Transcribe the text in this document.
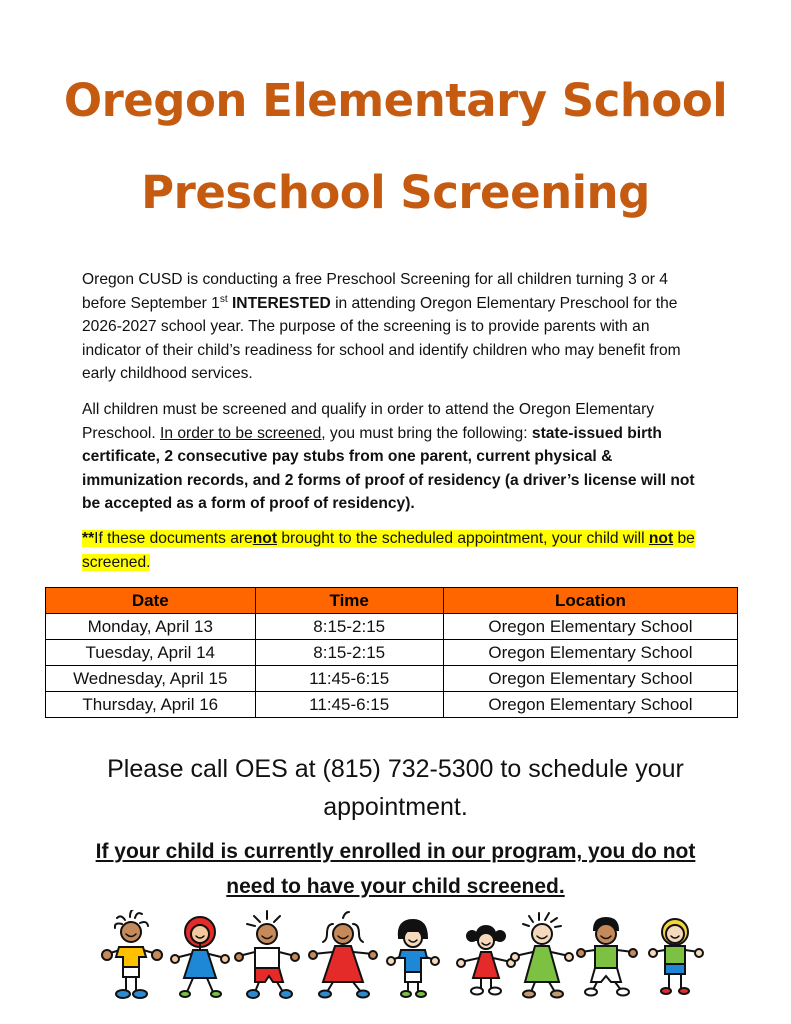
Oregon Elementary School
Preschool Screening
Oregon CUSD is conducting a free Preschool Screening for all children turning 3 or 4 before September 1st INTERESTED in attending Oregon Elementary Preschool for the 2026-2027 school year. The purpose of the screening is to provide parents with an indicator of their child’s readiness for school and identify children who may benefit from early childhood services.
All children must be screened and qualify in order to attend the Oregon Elementary Preschool. In order to be screened, you must bring the following: state-issued birth certificate, 2 consecutive pay stubs from one parent, current physical & immunization records, and 2 forms of proof of residency (a driver’s license will not be accepted as a form of proof of residency).
**If these documents arenot brought to the scheduled appointment, your child will not be screened.
Date	Time	Location
Monday, April 13	8:15-2:15	Oregon Elementary School
Tuesday, April 14	8:15-2:15	Oregon Elementary School
Wednesday, April 15	11:45-6:15	Oregon Elementary School
Thursday, April 16	11:45-6:15	Oregon Elementary School
Please call OES at (815) 732-5300 to schedule your appointment.
If your child is currently enrolled in our program, you do not need to have your child screened.
